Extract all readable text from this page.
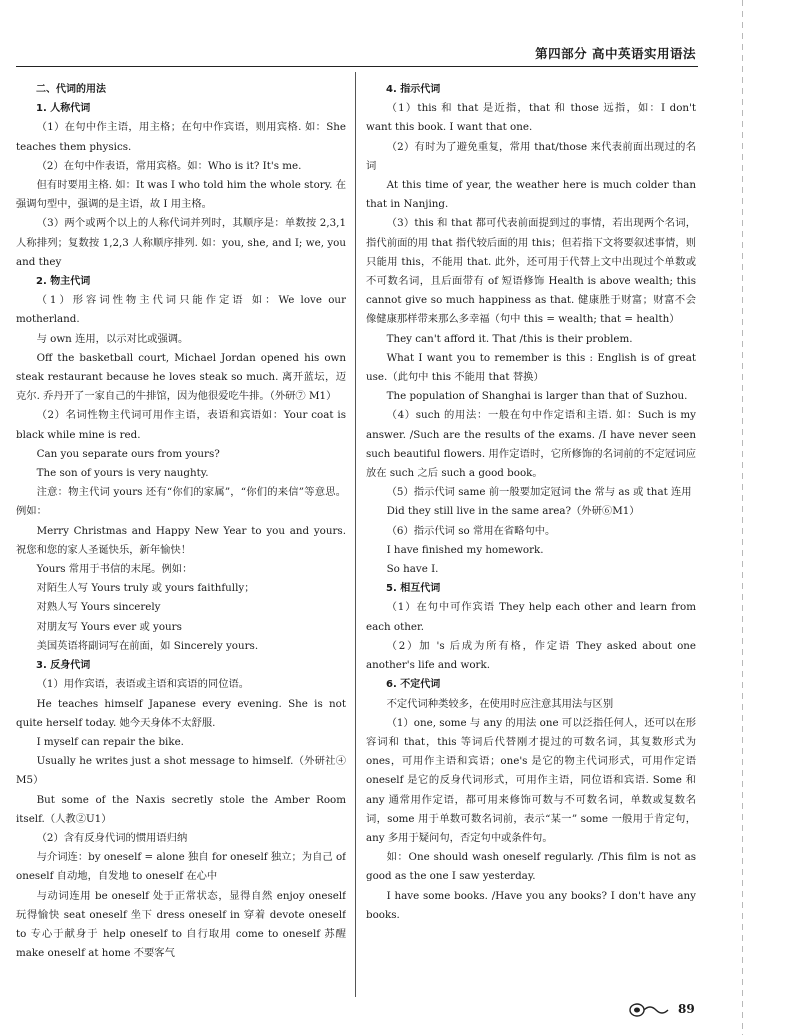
第四部分 高中英语实用语法

二、代词的用法

1. 人称代词

（1）在句中作主语，用主格；在句中作宾语，则用宾格. 如：She teaches them physics.

（2）在句中作表语，常用宾格。如：Who is it? It's me.

但有时要用主格. 如：It was I who told him the whole story. 在强调句型中，强调的是主语，故 I 用主格。

（3）两个或两个以上的人称代词并列时，其顺序是：单数按 2,3,1 人称排列；复数按 1,2,3 人称顺序排列. 如：you, she, and I; we, you and they

2. 物主代词

（1）形容词性物主代词只能作定语 如：We love our motherland.

与 own 连用，以示对比或强调。

Off the basketball court, Michael Jordan opened his own steak restaurant because he loves steak so much. 离开蓝坛，迈克尔. 乔丹开了一家自己的牛排馆，因为他很爱吃牛排。（外研⑦ M1）

（2）名词性物主代词可用作主语，表语和宾语如：Your coat is black while mine is red.

Can you separate ours from yours?

The son of yours is very naughty.

注意：物主代词 yours 还有“你们的家属”，“你们的来信”等意思。例如：

Merry Christmas and Happy New Year to you and yours. 祝您和您的家人圣诞快乐，新年愉快！

Yours 常用于书信的末尾。例如：

对陌生人写 Yours truly 或 yours faithfully；

对熟人写 Yours sincerely

对朋友写 Yours ever 或 yours

美国英语将副词写在前面，如 Sincerely yours.

3. 反身代词

（1）用作宾语，表语或主语和宾语的同位语。

He teaches himself Japanese every evening. She is not quite herself today. 她今天身体不太舒服.

I myself can repair the bike.

Usually he writes just a shot message to himself.（外研社④ M5）

But some of the Naxis secretly stole the Amber Room itself.（人教②U1）

（2）含有反身代词的惯用语归纳

与介词连：by oneself = alone 独自 for oneself 独立；为自己 of oneself 自动地，自发地 to oneself 在心中

与动词连用 be oneself 处于正常状态，显得自然 enjoy oneself 玩得愉快 seat oneself 坐下 dress oneself in 穿着 devote oneself to 专心于献身于 help oneself to 自行取用 come to oneself 苏醒 make oneself at home 不要客气

4. 指示代词

（1）this 和 that 是近指，that 和 those 远指，如：I don't want this book. I want that one.

（2）有时为了避免重复，常用 that/those 来代表前面出现过的名词

At this time of year, the weather here is much colder than that in Nanjing.

（3）this 和 that 都可代表前面提到过的事情，若出现两个名词，指代前面的用 that 指代较后面的用 this；但若指下文将要叙述事情，则只能用 this，不能用 that. 此外，还可用于代替上文中出现过个单数或不可数名词，且后面带有 of 短语修饰 Health is above wealth; this cannot give so much happiness as that. 健康胜于财富；财富不会像健康那样带来那么多幸福（句中 this = wealth; that = health）

They can't afford it. That /this is their problem.

What I want you to remember is this : English is of great use.（此句中 this 不能用 that 替换）

The population of Shanghai is larger than that of Suzhou.

（4）such 的用法：一般在句中作定语和主语. 如：Such is my answer. /Such are the results of the exams. /I have never seen such beautiful flowers. 用作定语时，它所修饰的名词前的不定冠词应放在 such 之后 such a good book。

（5）指示代词 same 前一般要加定冠词 the 常与 as 或 that 连用

Did they still live in the same area?（外研⑥M1）

（6）指示代词 so 常用在省略句中。

I have finished my homework.

So have I.

5. 相互代词

（1）在句中可作宾语 They help each other and learn from each other.

（2）加 's 后成为所有格，作定语 They asked about one another's life and work.

6. 不定代词

不定代词种类较多，在使用时应注意其用法与区别

（1）one, some 与 any 的用法 one 可以泛指任何人，还可以在形容词和 that，this 等词后代替刚才提过的可数名词，其复数形式为 ones，可用作主语和宾语；one's 是它的物主代词形式，可用作定语 oneself 是它的反身代词形式，可用作主语，同位语和宾语. Some 和 any 通常用作定语，都可用来修饰可数与不可数名词，单数或复数名词，some 用于单数可数名词前，表示“某一” some 一般用于肯定句，any 多用于疑问句，否定句中或条件句。

如：One should wash oneself regularly. /This film is not as good as the one I saw yesterday.

I have some books. /Have you any books? I don't have any books.

89
